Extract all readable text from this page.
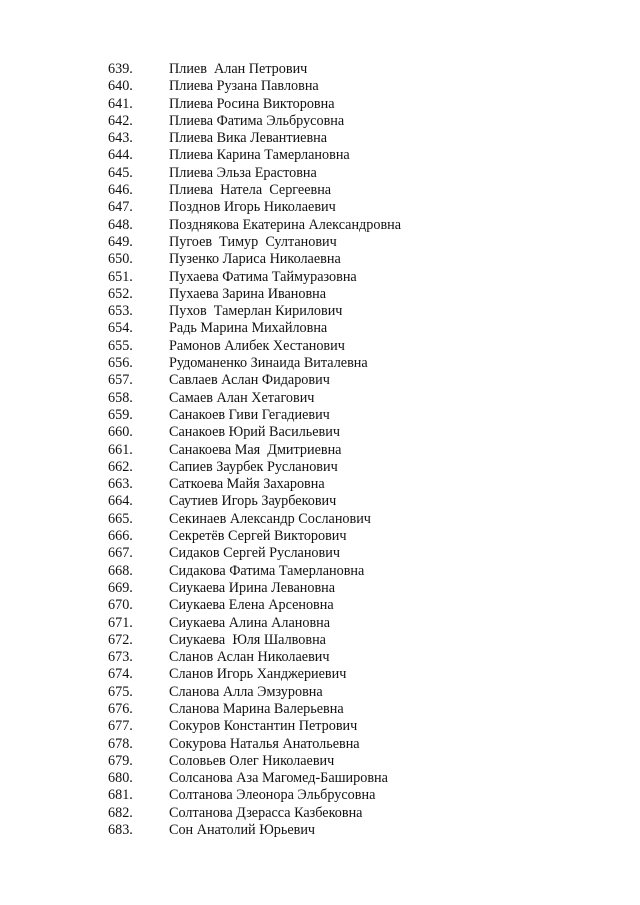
639.	Плиев  Алан Петрович
640.	Плиева Рузана Павловна
641.	Плиева Росина Викторовна
642.	Плиева Фатима Эльбрусовна
643.	Плиева Вика Левантиевна
644.	Плиева Карина Тамерлановна
645.	Плиева Эльза Ерастовна
646.	Плиева  Натела  Сергеевна
647.	Позднов Игорь Николаевич
648.	Позднякова Екатерина Александровна
649.	Пугоев  Тимур  Султанович
650.	Пузенко Лариса Николаевна
651.	Пухаева Фатима Таймуразовна
652.	Пухаева Зарина Ивановна
653.	Пухов  Тамерлан Кирилович
654.	Радь Марина Михайловна
655.	Рамонов Алибек Хестанович
656.	Рудоманенко Зинаида Виталевна
657.	Савлаев Аслан Фидарович
658.	Самаев Алан Хетагович
659.	Санакоев Гиви Гегадиевич
660.	Санакоев Юрий Васильевич
661.	Санакоева Мая  Дмитриевна
662.	Сапиев Заурбек Русланович
663.	Саткоева Майя Захаровна
664.	Саутиев Игорь Заурбекович
665.	Секинаев Александр Сосланович
666.	Секретёв Сергей Викторович
667.	Сидаков Сергей Русланович
668.	Сидакова Фатима Тамерлановна
669.	Сиукаева Ирина Левановна
670.	Сиукаева Елена Арсеновна
671.	Сиукаева Алина Алановна
672.	Сиукаева  Юля Шалвовна
673.	Сланов Аслан Николаевич
674.	Сланов Игорь Ханджериевич
675.	Сланова Алла Эмзуровна
676.	Сланова Марина Валерьевна
677.	Сокуров Константин Петрович
678.	Сокурова Наталья Анатольевна
679.	Соловьев Олег Николаевич
680.	Солсанова Аза Магомед-Башировна
681.	Солтанова Элеонора Эльбрусовна
682.	Солтанова Дзерасса Казбековна
683.	Сон Анатолий Юрьевич
